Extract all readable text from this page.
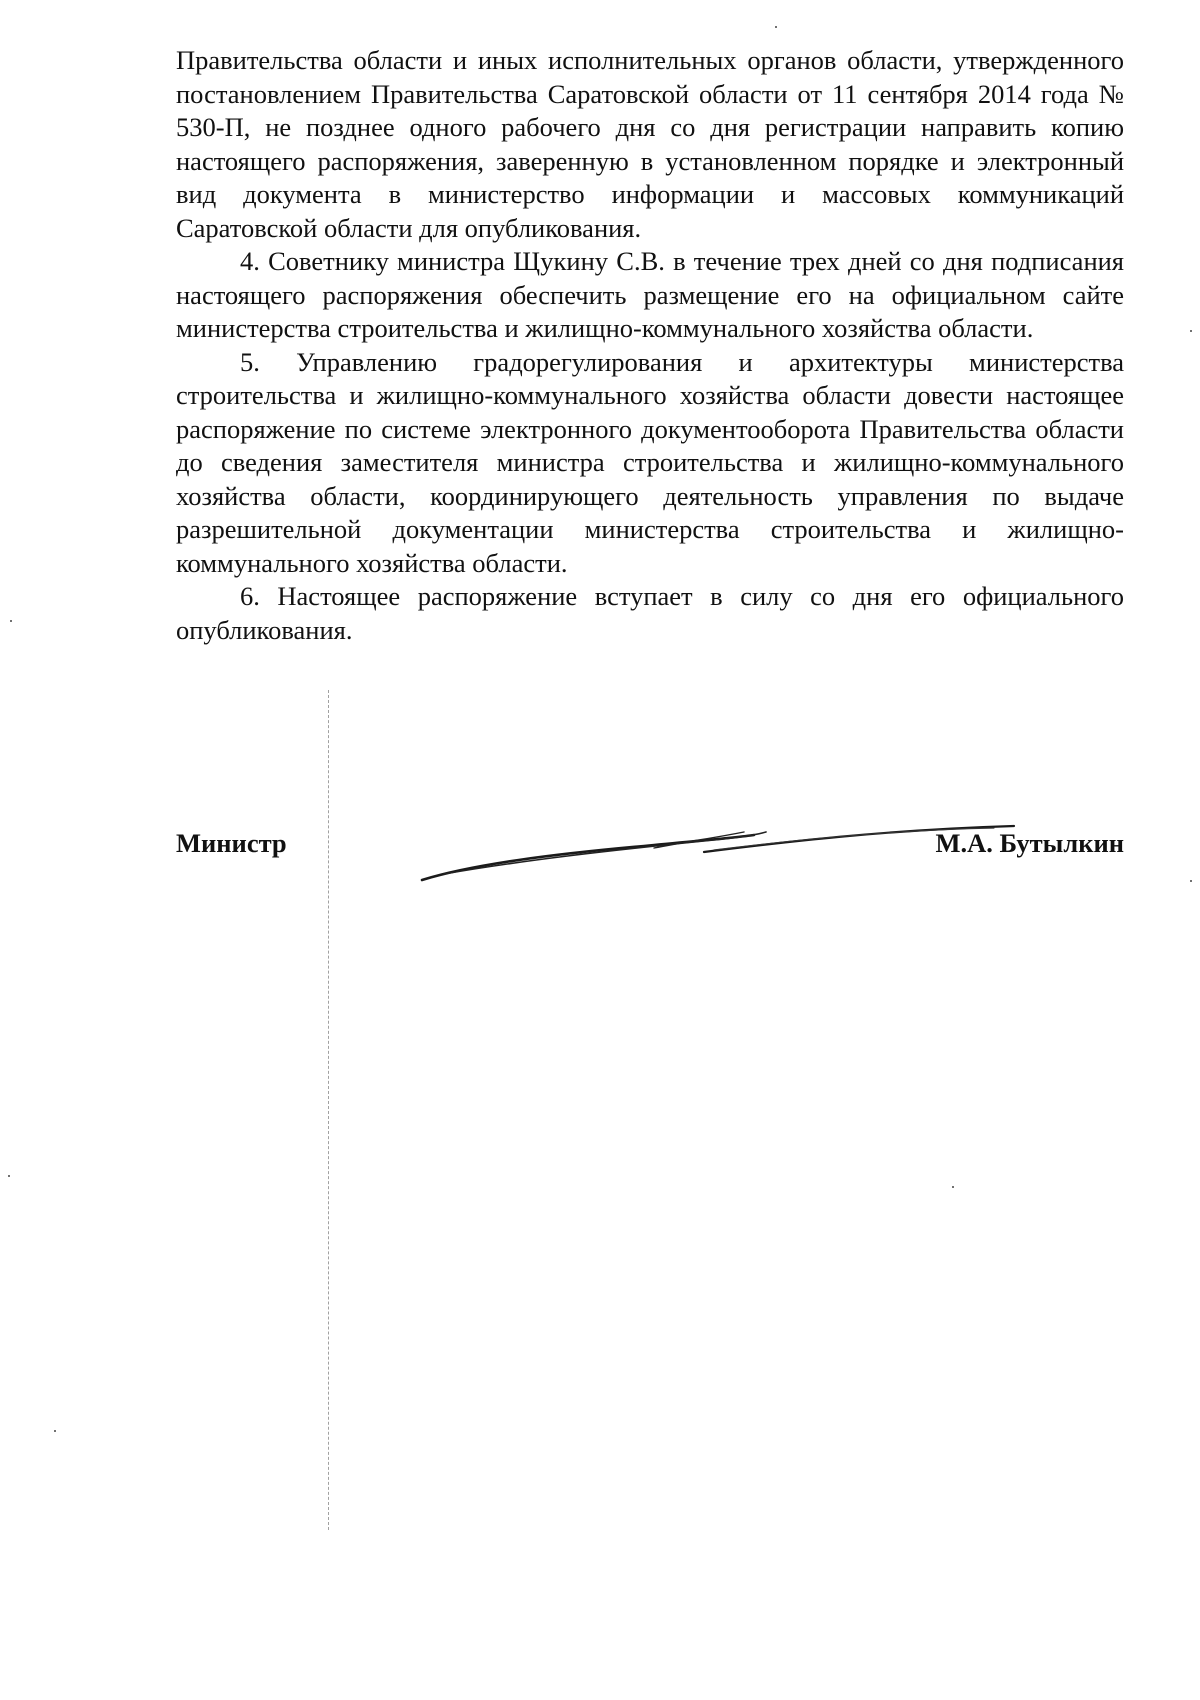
Правительства области и иных исполнительных органов области, утвержденного постановлением Правительства Саратовской области от 11 сентября 2014 года № 530-П, не позднее одного рабочего дня со дня регистрации направить копию настоящего распоряжения, заверенную в установленном порядке и электронный вид документа в министерство информации и массовых коммуникаций Саратовской области для опубликования.

4. Советнику министра Щукину С.В. в течение трех дней со дня подписания настоящего распоряжения обеспечить размещение его на официальном сайте министерства строительства и жилищно-коммунального хозяйства области.

5. Управлению градорегулирования и архитектуры министерства строительства и жилищно-коммунального хозяйства области довести настоящее распоряжение по системе электронного документооборота Правительства области до сведения заместителя министра строительства и жилищно-коммунального хозяйства области, координирующего деятельность управления по выдаче разрешительной документации министерства строительства и жилищно-коммунального хозяйства области.

6. Настоящее распоряжение вступает в силу со дня его официального опубликования.

Министр	М.А. Бутылкин
